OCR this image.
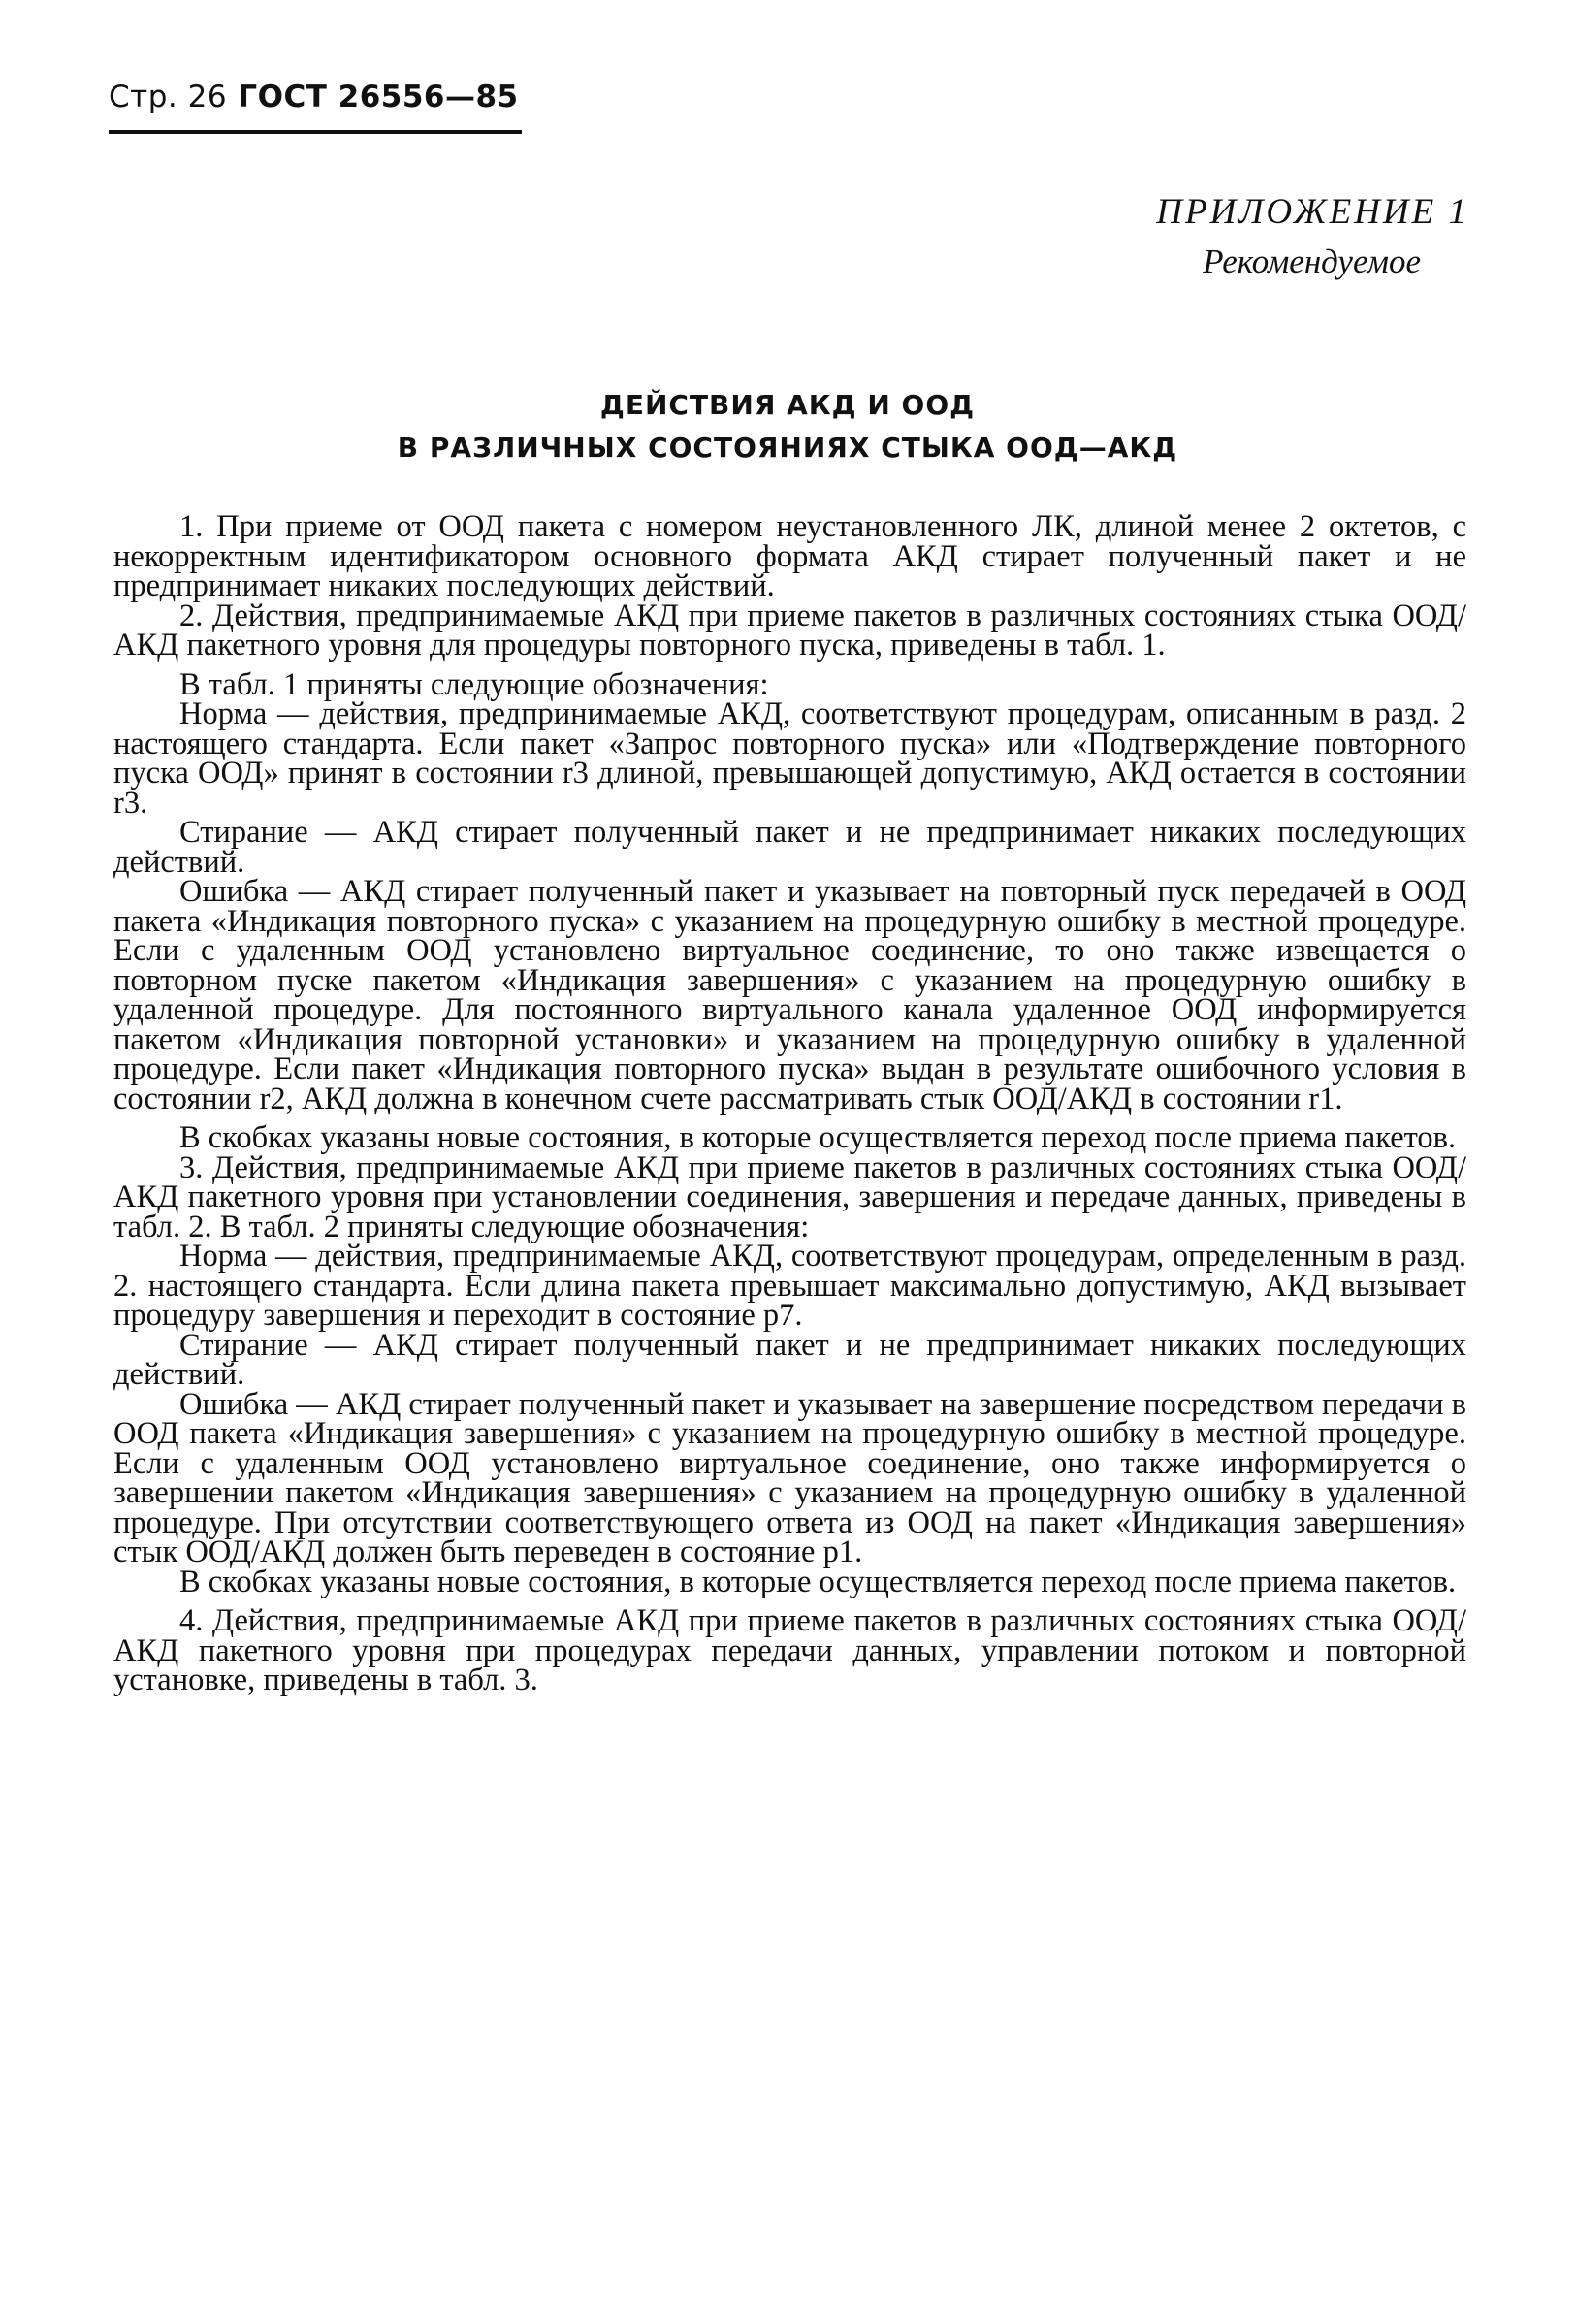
Стр. 26 ГОСТ 26556—85
ПРИЛОЖЕНИЕ 1
Рекомендуемое
ДЕЙСТВИЯ АКД И ООД
В РАЗЛИЧНЫХ СОСТОЯНИЯХ СТЫКА ООД—АКД

1. При приеме от ООД пакета с номером неустановленного ЛК, длиной менее 2 октетов, с некорректным идентификатором основного формата АКД стирает полученный пакет и не предпринимает никаких последующих действий.

2. Действия, предпринимаемые АКД при приеме пакетов в различных состояниях стыка ООД/АКД пакетного уровня для процедуры повторного пуска, приведены в табл. 1.

В табл. 1 приняты следующие обозначения:

Норма — действия, предпринимаемые АКД, соответствуют процедурам, описанным в разд. 2 настоящего стандарта. Если пакет «Запрос повторного пуска» или «Подтверждение повторного пуска ООД» принят в состоянии r3 длиной, превышающей допустимую, АКД остается в состоянии r3.

Стирание — АКД стирает полученный пакет и не предпринимает никаких последующих действий.

Ошибка — АКД стирает полученный пакет и указывает на повторный пуск передачей в ООД пакета «Индикация повторного пуска» с указанием на процедурную ошибку в местной процедуре. Если с удаленным ООД установлено виртуальное соединение, то оно также извещается о повторном пуске пакетом «Индикация завершения» с указанием на процедурную ошибку в удаленной процедуре. Для постоянного виртуального канала удаленное ООД информируется пакетом «Индикация повторной установки» и указанием на процедурную ошибку в удаленной процедуре. Если пакет «Индикация повторного пуска» выдан в результате ошибочного условия в состоянии r2, АКД должна в конечном счете рассматривать стык ООД/АКД в состоянии r1.

В скобках указаны новые состояния, в которые осуществляется переход после приема пакетов.

3. Действия, предпринимаемые АКД при приеме пакетов в различных состояниях стыка ООД/АКД пакетного уровня при установлении соединения, завершения и передаче данных, приведены в табл. 2. В табл. 2 приняты следующие обозначения:

Норма — действия, предпринимаемые АКД, соответствуют процедурам, определенным в разд. 2. настоящего стандарта. Если длина пакета превышает максимально допустимую, АКД вызывает процедуру завершения и переходит в состояние p7.

Стирание — АКД стирает полученный пакет и не предпринимает никаких последующих действий.

Ошибка — АКД стирает полученный пакет и указывает на завершение посредством передачи в ООД пакета «Индикация завершения» с указанием на процедурную ошибку в местной процедуре. Если с удаленным ООД установлено виртуальное соединение, оно также информируется о завершении пакетом «Индикация завершения» с указанием на процедурную ошибку в удаленной процедуре. При отсутствии соответствующего ответа из ООД на пакет «Индикация завершения» стык ООД/АКД должен быть переведен в состояние p1.

В скобках указаны новые состояния, в которые осуществляется переход после приема пакетов.

4. Действия, предпринимаемые АКД при приеме пакетов в различных состояниях стыка ООД/АКД пакетного уровня при процедурах передачи данных, управлении потоком и повторной установке, приведены в табл. 3.
